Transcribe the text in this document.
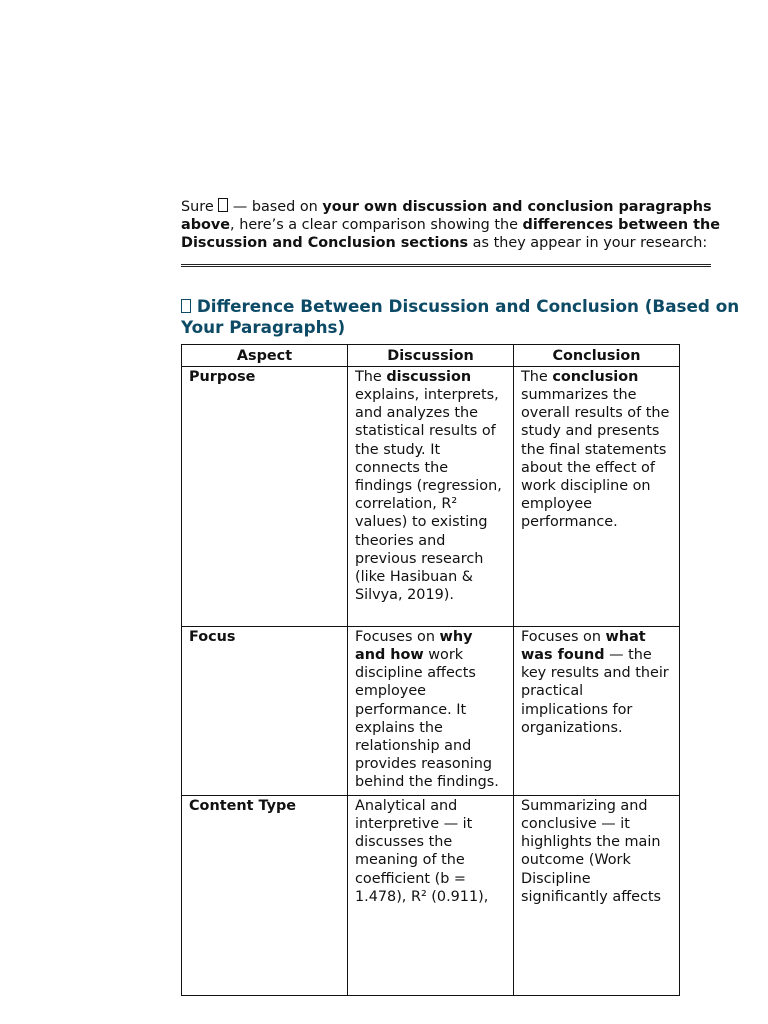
Sure  — based on your own discussion and conclusion paragraphs
above, here’s a clear comparison showing the differences between the
Discussion and Conclusion sections as they appear in your research:
Difference Between Discussion and Conclusion (Based on
Your Paragraphs)
Aspect	Discussion	Conclusion
Purpose	The discussion explains, interprets, and analyzes the statistical results of the study. It connects the findings (regression, correlation, R² values) to existing theories and previous research (like Hasibuan & Silvya, 2019).	The conclusion summarizes the overall results of the study and presents the final statements about the effect of work discipline on employee performance.
Focus	Focuses on why and how work discipline affects employee performance. It explains the relationship and provides reasoning behind the findings.	Focuses on what was found — the key results and their practical implications for organizations.
Content Type	Analytical and interpretive — it discusses the meaning of the coefficient (b = 1.478), R² (0.911),	Summarizing and conclusive — it highlights the main outcome (Work Discipline significantly affects
